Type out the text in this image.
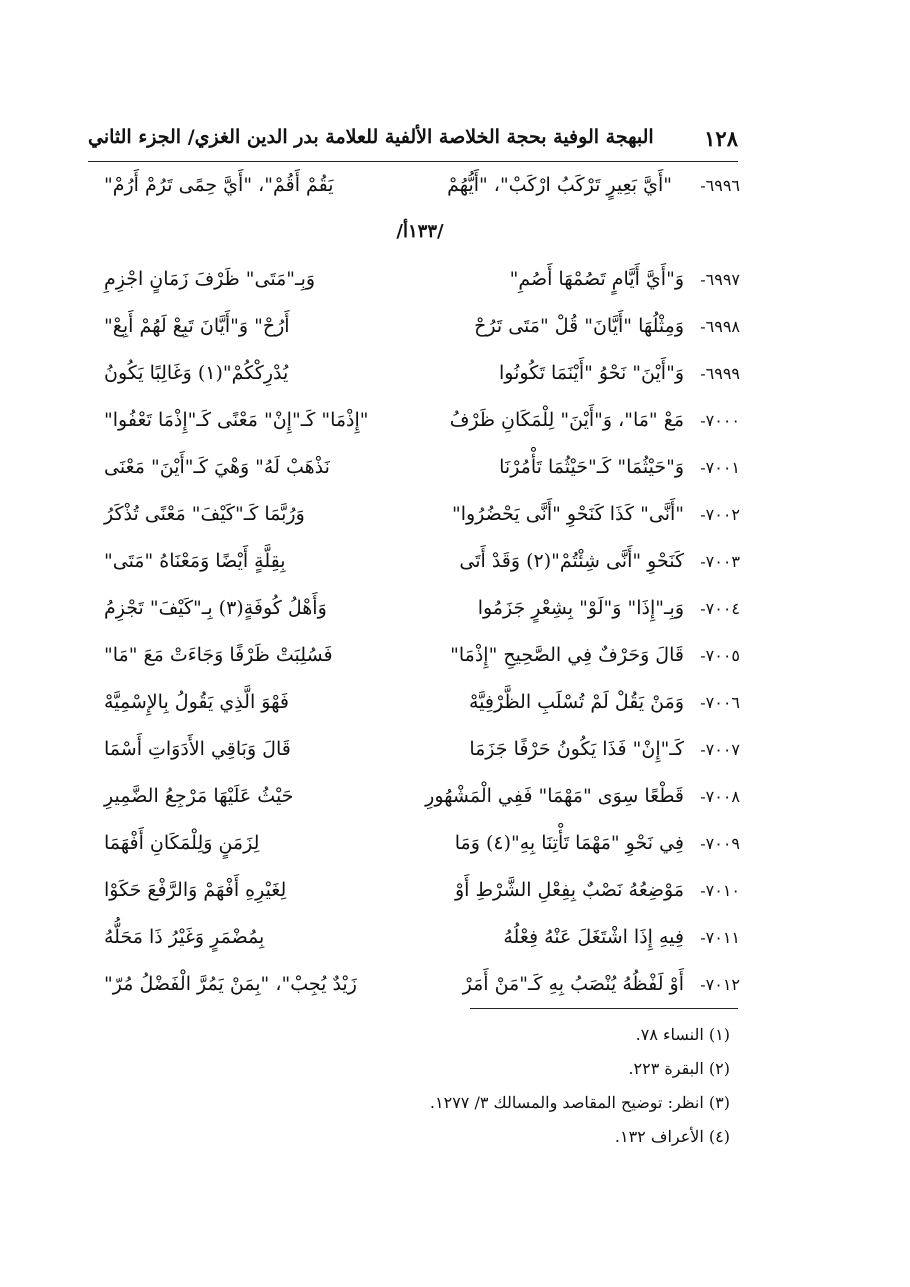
١٢٨
البهجة الوفية بحجة الخلاصة الألفية للعلامة بدر الدين الغزي/ الجزء الثاني
٦٩٩٦-
"أَيَّ بَعِيرٍ تَرْكَبُ ارْكَبْ"، "أَيُّهُمْ
يَقُمْ أَقُمْ"، "أَيَّ حِمًى تَرُمْ أَرُمْ"
/١٣٣أ/
٦٩٩٧-
وَ"أَيَّ أَيَّامٍ تَصُمْهَا أَصُمِ"
وَبِـ"مَتَى" ظَرْفَ زَمَانٍ اجْزِمِ
٦٩٩٨-
وَمِثْلُهَا "أَيَّانَ" قُلْ "مَتَى تَرُحْ
أَرُحْ" وَ"أَيَّانَ تَبِعْ لَهُمْ أَبِعْ"
٦٩٩٩-
وَ"أَيْنَ" نَحْوُ "أَيْنَمَا تَكُونُوا
يُدْرِكْكُمْ"(١) وَغَالِبًا يَكُونُ
٧٠٠٠-
مَعْ "مَا"، وَ"أَيْنَ" لِلْمَكَانِ ظَرْفُ
"إِذْمَا" كَـ"إِنْ" مَعْنًى كَـ"إِذْمَا تَعْفُوا"
٧٠٠١-
وَ"حَيْثُمَا" كَـ"حَيْثُمَا تَأْمُرْنَا
نَذْهَبْ لَهُ" وَهْيَ كَـ"أَيْنَ" مَعْنَى
٧٠٠٢-
"أَنَّى" كَذَا كَنَحْوِ "أَنَّى يَحْضُرُوا"
وَرُبَّمَا كَـ"كَيْفَ" مَعْنًى تُذْكَرُ
٧٠٠٣-
كَنَحْوِ "أَنَّى شِئْتُمْ"(٢) وَقَدْ أَتَى
بِقِلَّةٍ أَيْضًا وَمَعْنَاهُ "مَتَى"
٧٠٠٤-
وَبِـ"إِذَا" وَ"لَوْ" بِشِعْرٍ جَزَمُوا
وَأَهْلُ كُوفَةٍ(٣) بِـ"كَيْفَ" تَجْزِمُ
٧٠٠٥-
قَالَ وَحَرْفٌ فِي الصَّحِيحِ "إِذْمَا"
فَسُلِبَتْ ظَرْفًا وَجَاءَتْ مَعَ "مَا"
٧٠٠٦-
وَمَنْ يَقُلْ لَمْ تُسْلَبِ الظَّرْفِيَّهْ
فَهْوَ الَّذِي يَقُولُ بِالإِسْمِيَّهْ
٧٠٠٧-
كَـ"إِنْ" فَذَا يَكُونُ حَرْفًا جَزَمَا
قَالَ وَبَاقِي الأَدَوَاتِ أَسْمَا
٧٠٠٨-
قَطْعًا سِوَى "مَهْمَا" فَفِي الْمَشْهُورِ
حَيْثُ عَلَيْهَا مَرْجِعُ الضَّمِيرِ
٧٠٠٩-
فِي نَحْوِ "مَهْمَا تَأْتِنَا بِهِ"(٤) وَمَا
لِزَمَنٍ وَلِلْمَكَانِ أَفْهَمَا
٧٠١٠-
مَوْضِعُهُ نَصْبٌ بِفِعْلِ الشَّرْطِ أَوْ
لِغَيْرِهِ أَفْهَمْ وَالرَّفْعَ حَكَوْا
٧٠١١-
فِيهِ إِذَا اشْتَغَلَ عَنْهُ فِعْلُهُ
بِمُضْمَرٍ وَغَيْرُ ذَا مَحَلُّهُ
٧٠١٢-
أَوْ لَفْظُهُ يُنْصَبُ بِهِ كَـ"مَنْ أَمَرْ
زَيْدٌ يُجِبْ"، "بِمَنْ يَمُرَّ الْفَضْلُ مُرّ"
(١) النساء ٧٨.
(٢) البقرة ٢٢٣.
(٣) انظر: توضيح المقاصد والمسالك ٣/ ١٢٧٧.
(٤) الأعراف ١٣٢.
